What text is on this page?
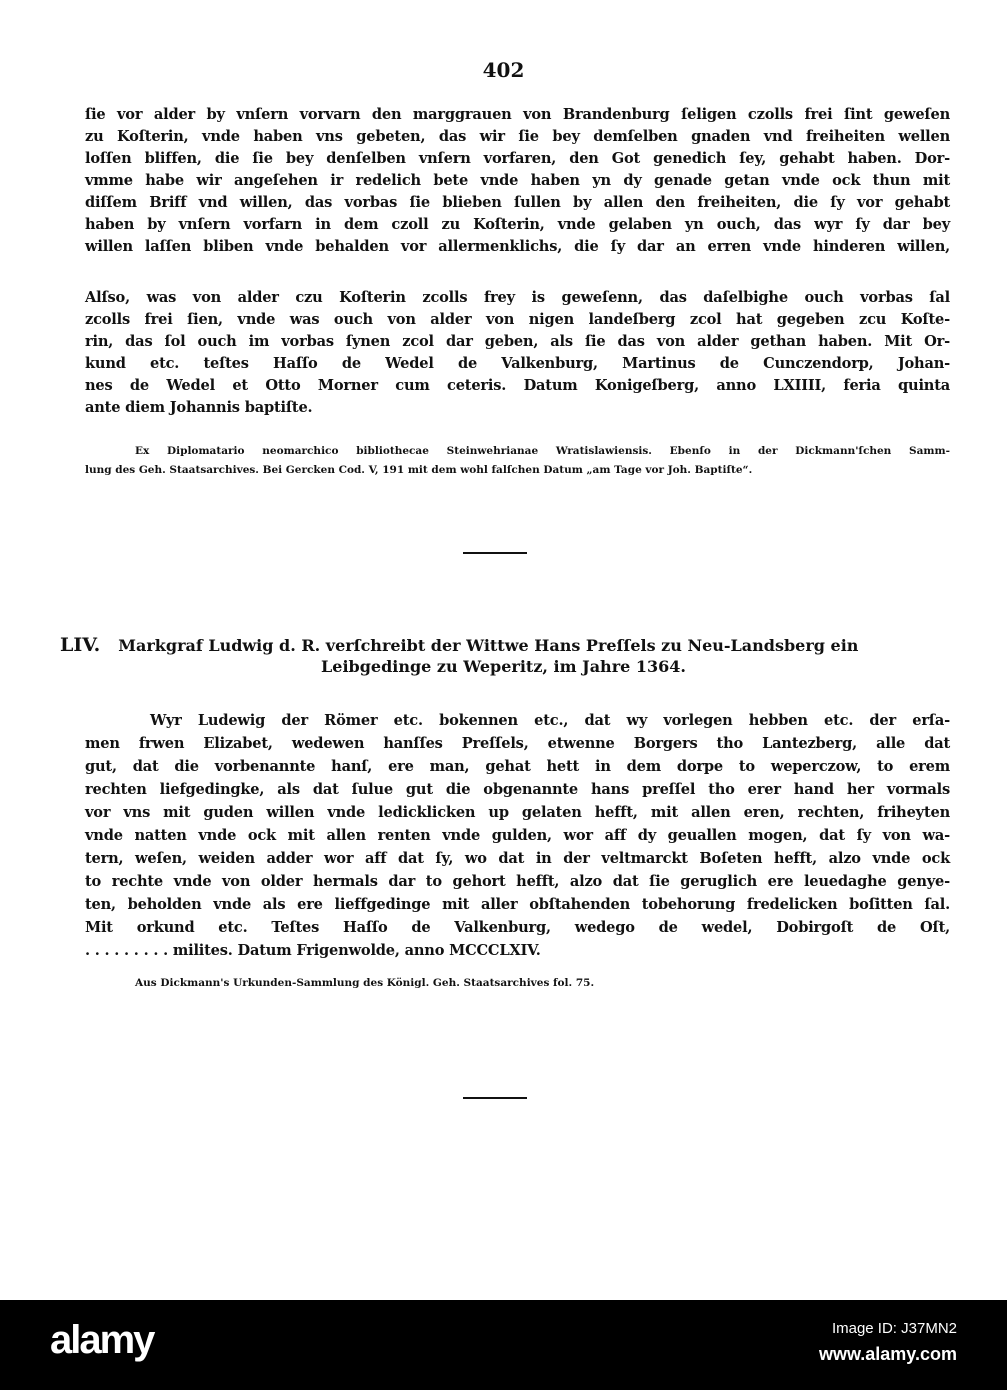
402
ſie vor alder by vnſern vorvarn den marggrauen von Brandenburg ſeligen czolls frei ſint geweſen
zu Koſterin, vnde haben vns gebeten, das wir ſie bey demſelben gnaden vnd freiheiten wellen
loſſen bliffen, die ſie bey denſelben vnſern vorfaren, den Got genedich ſey, gehabt haben. Dor-
vmme habe wir angeſehen ir redelich bete vnde haben yn dy genade getan vnde ock thun mit
diſſem Briff vnd willen, das vorbas ſie blieben ſullen by allen den freiheiten, die ſy vor gehabt
haben by vnſern vorfarn in dem czoll zu Koſterin, vnde gelaben yn ouch, das wyr ſy dar bey
willen laſſen bliben vnde behalden vor allermenklichs, die ſy dar an erren vnde hinderen willen,
Alſso, was von alder czu Koſterin zcolls frey is geweſenn, das daſelbighe ouch vorbas ſal
zcolls frei ſien, vnde was ouch von alder von nigen landeſberg zcol hat gegeben zcu Koſte-
rin, das ſol ouch im vorbas ſynen zcol dar geben, als ſie das von alder gethan haben. Mit Or-
kund etc. teſtes Haſſo de Wedel de Valkenburg, Martinus de Cunczendorp, Johan-
nes de Wedel et Otto Morner cum ceteris. Datum Konigeſberg, anno LXIIII, feria quinta
ante diem Johannis baptiſte.
Ex Diplomatario neomarchico bibliothecae Steinwehrianae Wratislawiensis. Ebenſo in der Dickmann'ſchen Samm-
lung des Geh. Staatsarchives. Bei Gercken Cod. V, 191 mit dem wohl falſchen Datum „am Tage vor Joh. Baptiſte“.
LIV. Markgraf Ludwig d. R. verſchreibt der Wittwe Hans Preſſels zu Neu-Landsberg ein
Leibgedinge zu Weperitz, im Jahre 1364.
Wyr Ludewig der Römer etc. bokennen etc., dat wy vorlegen hebben etc. der erſa-
men frwen Elizabet, wedewen hanſſes Preſſels, etwenne Borgers tho Lantezberg, alle dat
gut, dat die vorbenannte hanſ, ere man, gehat hett in dem dorpe to weperczow, to erem
rechten liefgedingke, als dat ſulue gut die obgenannte hans preſſel tho erer hand her vormals
vor vns mit guden willen vnde ledicklicken up gelaten hefft, mit allen eren, rechten, friheyten
vnde natten vnde ock mit allen renten vnde gulden, wor aff dy geuallen mogen, dat ſy von wa-
tern, weſen, weiden adder wor aff dat ſy, wo dat in der veltmarckt Boſeten hefft, alzo vnde ock
to rechte vnde von older hermals dar to gehort hefft, alzo dat ſie geruglich ere leuedaghe genye-
ten, beholden vnde als ere lieffgedinge mit aller obſtahenden tobehorung fredelicken boſitten ſal.
Mit orkund etc. Teſtes Haſſo de Valkenburg, wedego de wedel, Dobirgoſt de Oſt,
. . . . . . . . . milites. Datum Frigenwolde, anno MCCCLXIV.
Aus Dickmann's Urkunden-Sammlung des Königl. Geh. Staatsarchives fol. 75.
alamy	Image ID: J37MN2
www.alamy.com
